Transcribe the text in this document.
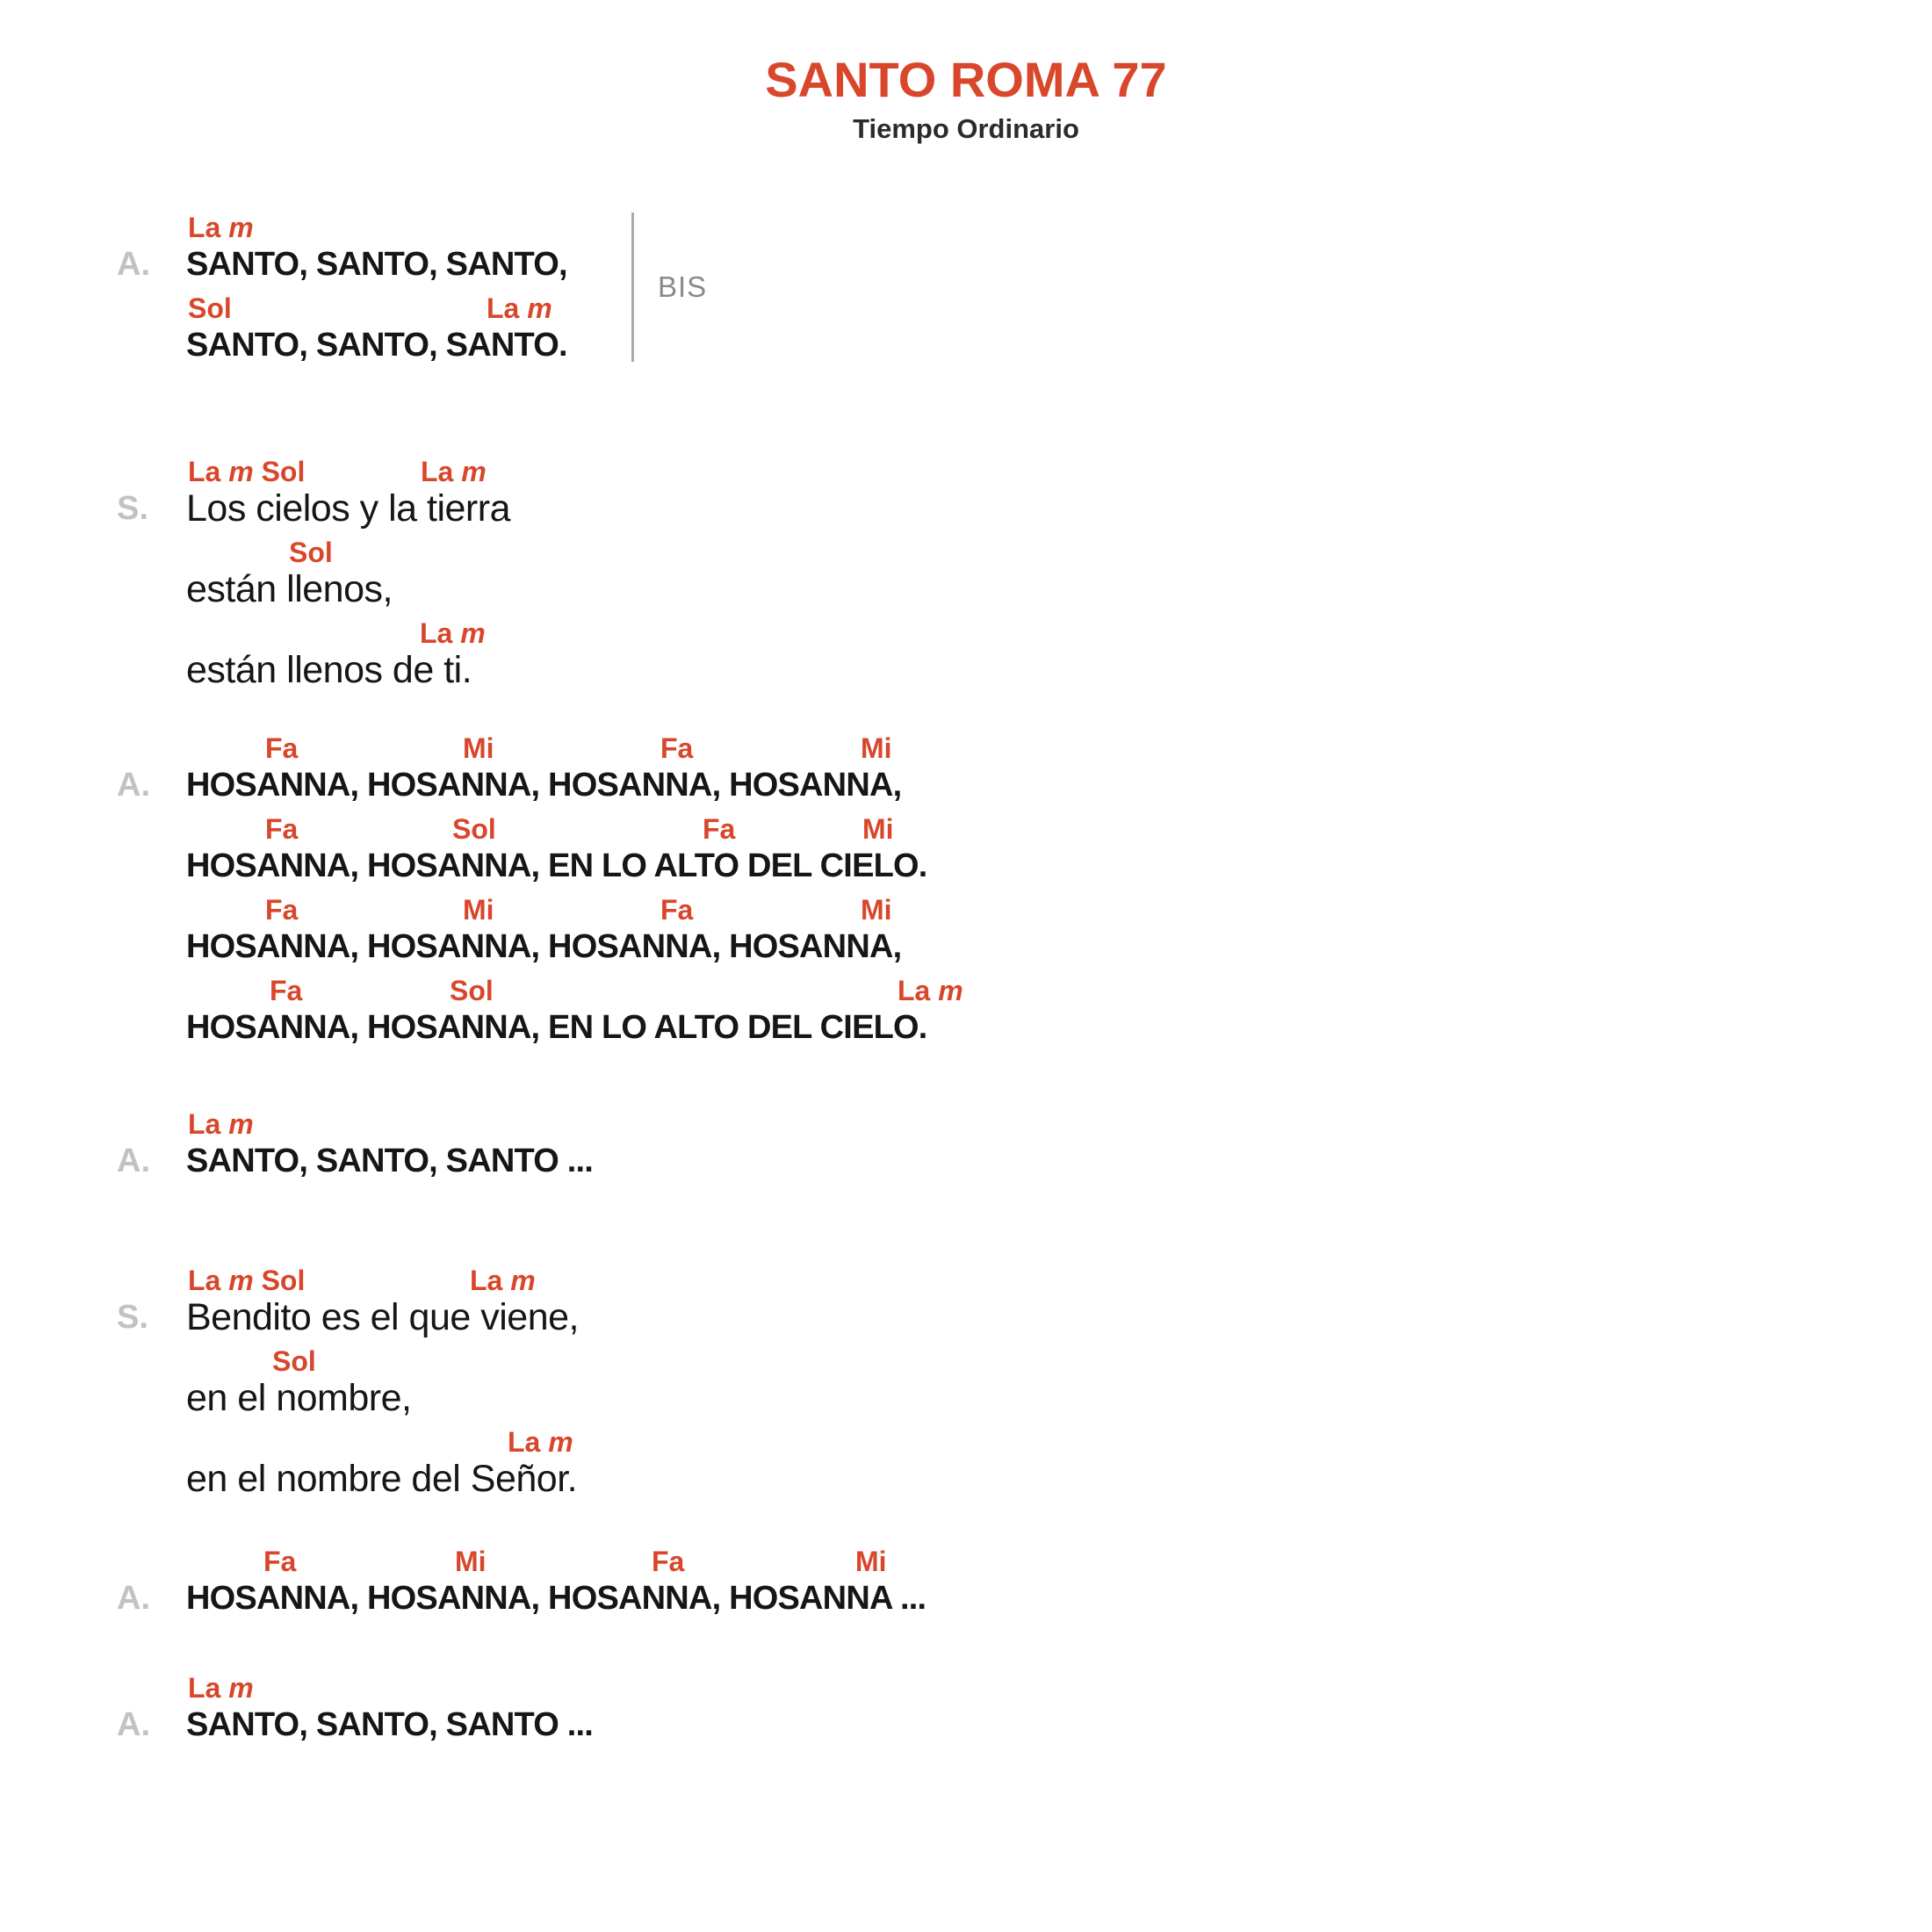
SANTO ROMA 77
Tiempo Ordinario
A.
La m
SANTO, SANTO, SANTO,
Sol	La m
SANTO, SANTO, SANTO.
BIS
S.
La m Sol	La m
Los cielos y la tierra
Sol
están llenos,
La m
están llenos de ti.
A.
Fa	Mi	Fa	Mi
HOSANNA, HOSANNA, HOSANNA, HOSANNA,
Fa	Sol	Fa	Mi
HOSANNA, HOSANNA, EN LO ALTO DEL CIELO.
Fa	Mi	Fa	Mi
HOSANNA, HOSANNA, HOSANNA, HOSANNA,
Fa	Sol	La m
HOSANNA, HOSANNA, EN LO ALTO DEL CIELO.
A.
La m
SANTO, SANTO, SANTO ...
S.
La m Sol	La m
Bendito es el que viene,
Sol
en el nombre,
La m
en el nombre del Señor.
A.
Fa	Mi	Fa	Mi
HOSANNA, HOSANNA, HOSANNA, HOSANNA ...
A.
La m
SANTO, SANTO, SANTO ...
